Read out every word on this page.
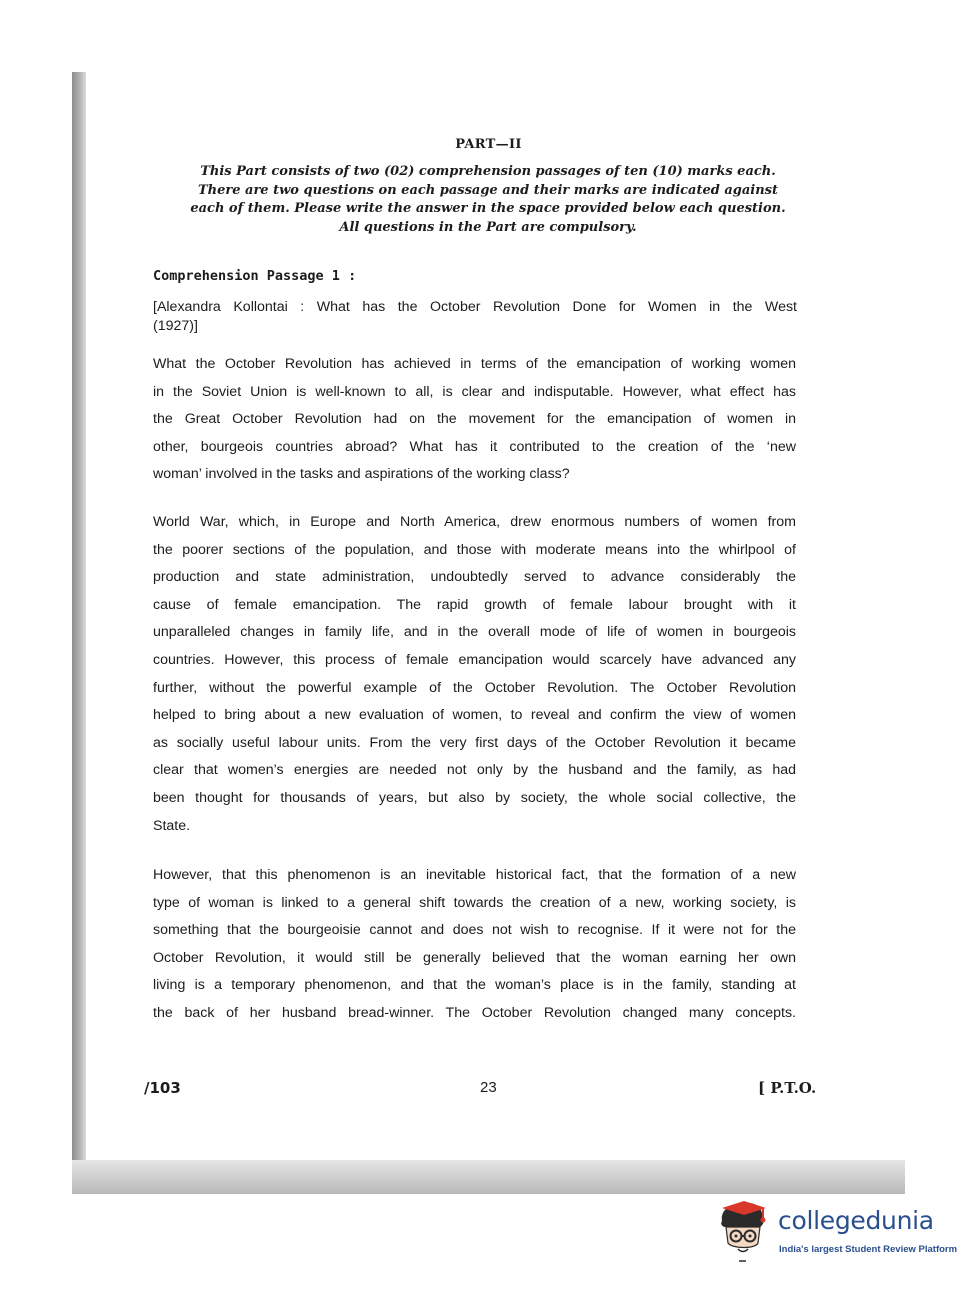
PART—II
This Part consists of two (02) comprehension passages of ten (10) marks each.
There are two questions on each passage and their marks are indicated against
each of them. Please write the answer in the space provided below each question.
All questions in the Part are compulsory.
Comprehension Passage 1 :
[Alexandra Kollontai : What has the October Revolution Done for Women in the West
(1927)]
What the October Revolution has achieved in terms of the emancipation of working women
in the Soviet Union is well-known to all, is clear and indisputable. However, what effect has
the Great October Revolution had on the movement for the emancipation of women in
other, bourgeois countries abroad? What has it contributed to the creation of the ‘new
woman’ involved in the tasks and aspirations of the working class?
World War, which, in Europe and North America, drew enormous numbers of women from
the poorer sections of the population, and those with moderate means into the whirlpool of
production and state administration, undoubtedly served to advance considerably the
cause of female emancipation. The rapid growth of female labour brought with it
unparalleled changes in family life, and in the overall mode of life of women in bourgeois
countries. However, this process of female emancipation would scarcely have advanced any
further, without the powerful example of the October Revolution. The October Revolution
helped to bring about a new evaluation of women, to reveal and confirm the view of women
as socially useful labour units. From the very first days of the October Revolution it became
clear that women’s energies are needed not only by the husband and the family, as had
been thought for thousands of years, but also by society, the whole social collective, the
State.
However, that this phenomenon is an inevitable historical fact, that the formation of a new
type of woman is linked to a general shift towards the creation of a new, working society, is
something that the bourgeoisie cannot and does not wish to recognise. If it were not for the
October Revolution, it would still be generally believed that the woman earning her own
living is a temporary phenomenon, and that the woman’s place is in the family, standing at
the back of her husband bread-winner. The October Revolution changed many concepts.
/103	23	[ P.T.O.
collegedunia
India's largest Student Review Platform
